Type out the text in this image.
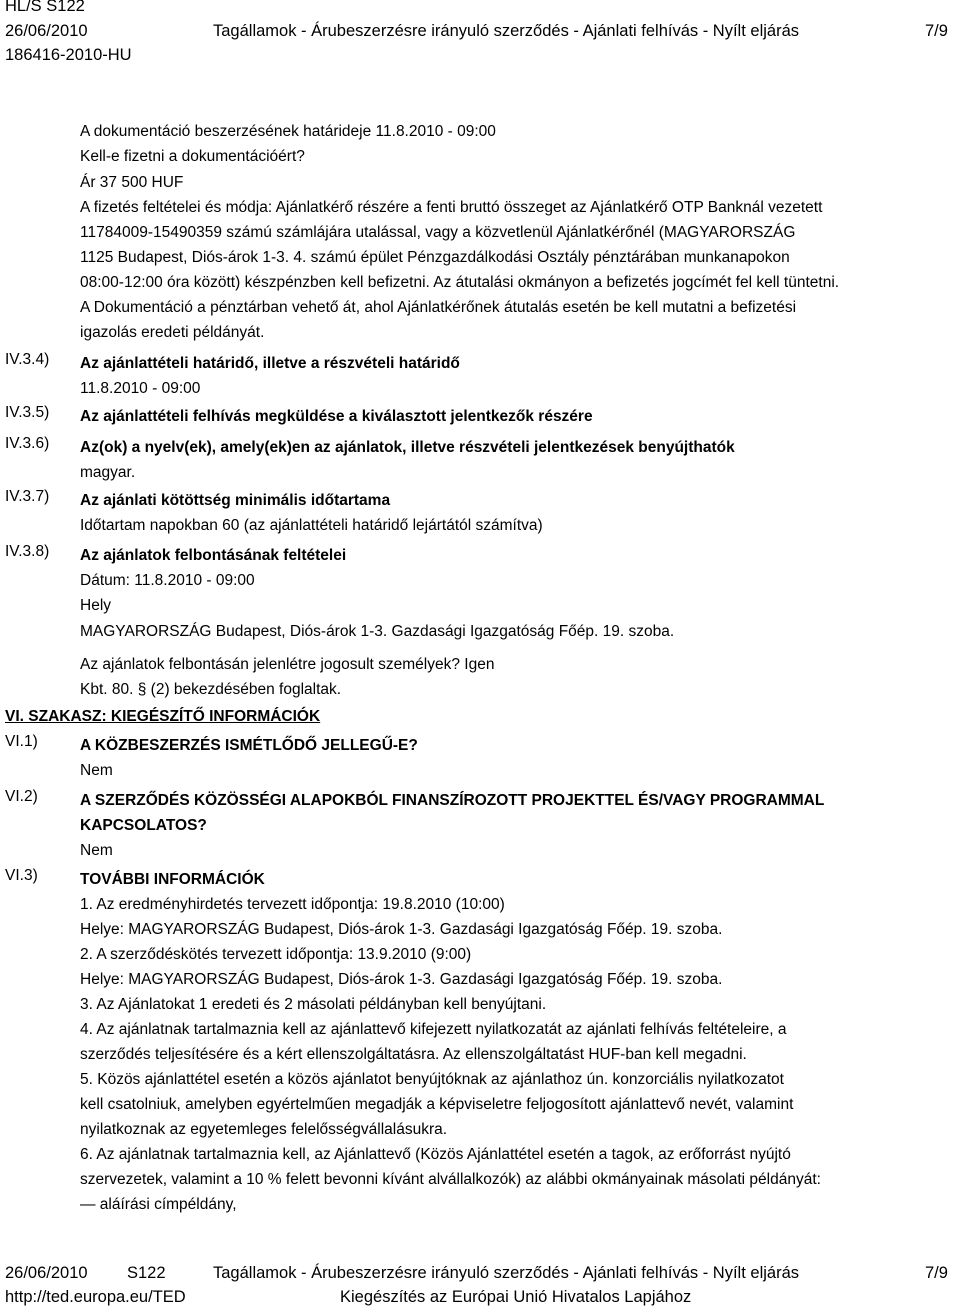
HL/S S122
26/06/2010	Tagállamok - Árubeszerzésre irányuló szerződés - Ajánlati felhívás - Nyílt eljárás	7/9
186416-2010-HU
A dokumentáció beszerzésének határideje 11.8.2010 - 09:00
Kell-e fizetni a dokumentációért?
Ár 37 500 HUF
A fizetés feltételei és módja: Ajánlatkérő részére a fenti bruttó összeget az Ajánlatkérő OTP Banknál vezetett
11784009-15490359 számú számlájára utalással, vagy a közvetlenül Ajánlatkérőnél (MAGYARORSZÁG
1125 Budapest, Diós-árok 1-3. 4. számú épület Pénzgazdálkodási Osztály pénztárában munkanapokon
08:00-12:00 óra között) készpénzben kell befizetni. Az átutalási okmányon a befizetés jogcímét fel kell tüntetni.
A Dokumentáció a pénztárban vehető át, ahol Ajánlatkérőnek átutalás esetén be kell mutatni a befizetési
igazolás eredeti példányát.
IV.3.4) Az ajánlattételi határidő, illetve a részvételi határidő
11.8.2010 - 09:00
IV.3.5) Az ajánlattételi felhívás megküldése a kiválasztott jelentkezők részére
IV.3.6) Az(ok) a nyelv(ek), amely(ek)en az ajánlatok, illetve részvételi jelentkezések benyújthatók
magyar.
IV.3.7) Az ajánlati kötöttség minimális időtartama
Időtartam napokban 60 (az ajánlattételi határidő lejártától számítva)
IV.3.8) Az ajánlatok felbontásának feltételei
Dátum: 11.8.2010 - 09:00
Hely
MAGYARORSZÁG Budapest, Diós-árok 1-3. Gazdasági Igazgatóság Főép. 19. szoba.
Az ajánlatok felbontásán jelenlétre jogosult személyek? Igen
Kbt. 80. § (2) bekezdésében foglaltak.
VI. SZAKASZ: KIEGÉSZÍTŐ INFORMÁCIÓK
VI.1)	A KÖZBESZERZÉS ISMÉTLŐDŐ JELLEGŰ-E?
Nem
VI.2)	A SZERZŐDÉS KÖZÖSSÉGI ALAPOKBÓL FINANSZÍROZOTT PROJEKTTEL ÉS/VAGY PROGRAMMAL
KAPCSOLATOS?
Nem
VI.3)	TOVÁBBI INFORMÁCIÓK
1. Az eredményhirdetés tervezett időpontja: 19.8.2010 (10:00)
Helye: MAGYARORSZÁG Budapest, Diós-árok 1-3. Gazdasági Igazgatóság Főép. 19. szoba.
2. A szerződéskötés tervezett időpontja: 13.9.2010 (9:00)
Helye: MAGYARORSZÁG Budapest, Diós-árok 1-3. Gazdasági Igazgatóság Főép. 19. szoba.
3. Az Ajánlatokat 1 eredeti és 2 másolati példányban kell benyújtani.
4. Az ajánlatnak tartalmaznia kell az ajánlattevő kifejezett nyilatkozatát az ajánlati felhívás feltételeire, a
szerződés teljesítésére és a kért ellenszolgáltatásra. Az ellenszolgáltatást HUF-ban kell megadni.
5. Közös ajánlattétel esetén a közös ajánlatot benyújtóknak az ajánlathoz ún. konzorciális nyilatkozatot
kell csatolniuk, amelyben egyértelműen megadják a képviseletre feljogosított ajánlattevő nevét, valamint
nyilatkoznak az egyetemleges felelősségvállalásukra.
6. Az ajánlatnak tartalmaznia kell, az Ajánlattevő (Közös Ajánlattétel esetén a tagok, az erőforrást nyújtó
szervezetek, valamint a 10 % felett bevonni kívánt alvállalkozók) az alábbi okmányainak másolati példányát:
— aláírási címpéldány,
26/06/2010 S122	Tagállamok - Árubeszerzésre irányuló szerződés - Ajánlati felhívás - Nyílt eljárás	7/9
http://ted.europa.eu/TED	Kiegészítés az Európai Unió Hivatalos Lapjához
